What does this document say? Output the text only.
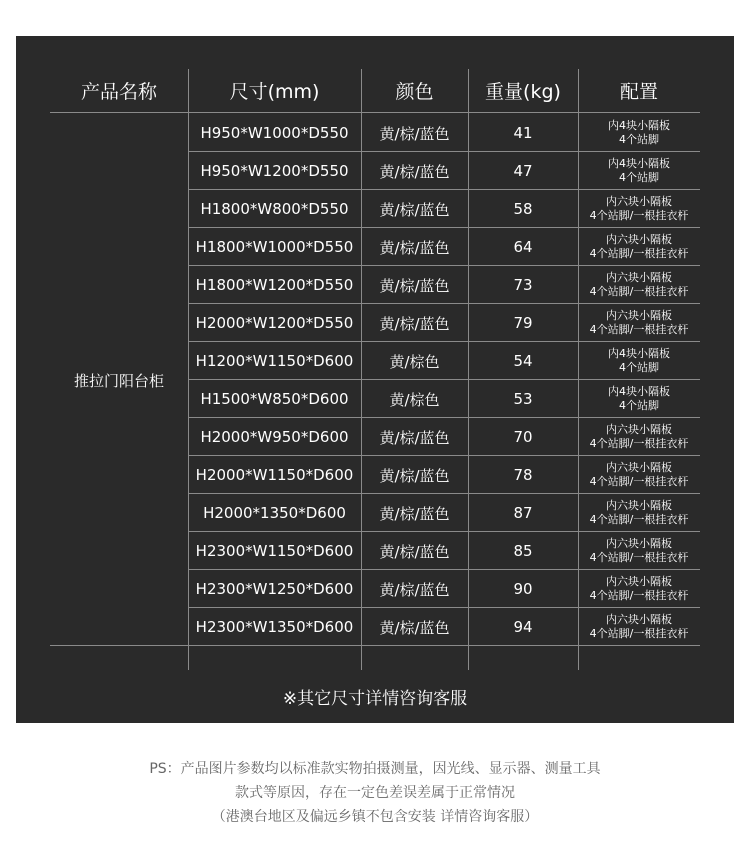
产品名称	尺寸(mm)	颜色	重量(kg)	配置
推拉门阳台柜
H950*W1000*D550	黄/棕/蓝色	41	内4块小隔板
4个站脚
H950*W1200*D550	黄/棕/蓝色	47	内4块小隔板
4个站脚
H1800*W800*D550	黄/棕/蓝色	58	内六块小隔板
4个站脚/一根挂衣杆
H1800*W1000*D550	黄/棕/蓝色	64	内六块小隔板
4个站脚/一根挂衣杆
H1800*W1200*D550	黄/棕/蓝色	73	内六块小隔板
4个站脚/一根挂衣杆
H2000*W1200*D550	黄/棕/蓝色	79	内六块小隔板
4个站脚/一根挂衣杆
H1200*W1150*D600	黄/棕色	54	内4块小隔板
4个站脚
H1500*W850*D600	黄/棕色	53	内4块小隔板
4个站脚
H2000*W950*D600	黄/棕/蓝色	70	内六块小隔板
4个站脚/一根挂衣杆
H2000*W1150*D600	黄/棕/蓝色	78	内六块小隔板
4个站脚/一根挂衣杆
H2000*1350*D600	黄/棕/蓝色	87	内六块小隔板
4个站脚/一根挂衣杆
H2300*W1150*D600	黄/棕/蓝色	85	内六块小隔板
4个站脚/一根挂衣杆
H2300*W1250*D600	黄/棕/蓝色	90	内六块小隔板
4个站脚/一根挂衣杆
H2300*W1350*D600	黄/棕/蓝色	94	内六块小隔板
4个站脚/一根挂衣杆
※其它尺寸详情咨询客服
PS：产品图片参数均以标准款实物拍摄测量，因光线、显示器、测量工具
款式等原因，存在一定色差误差属于正常情况
（港澳台地区及偏远乡镇不包含安装 详情咨询客服）
